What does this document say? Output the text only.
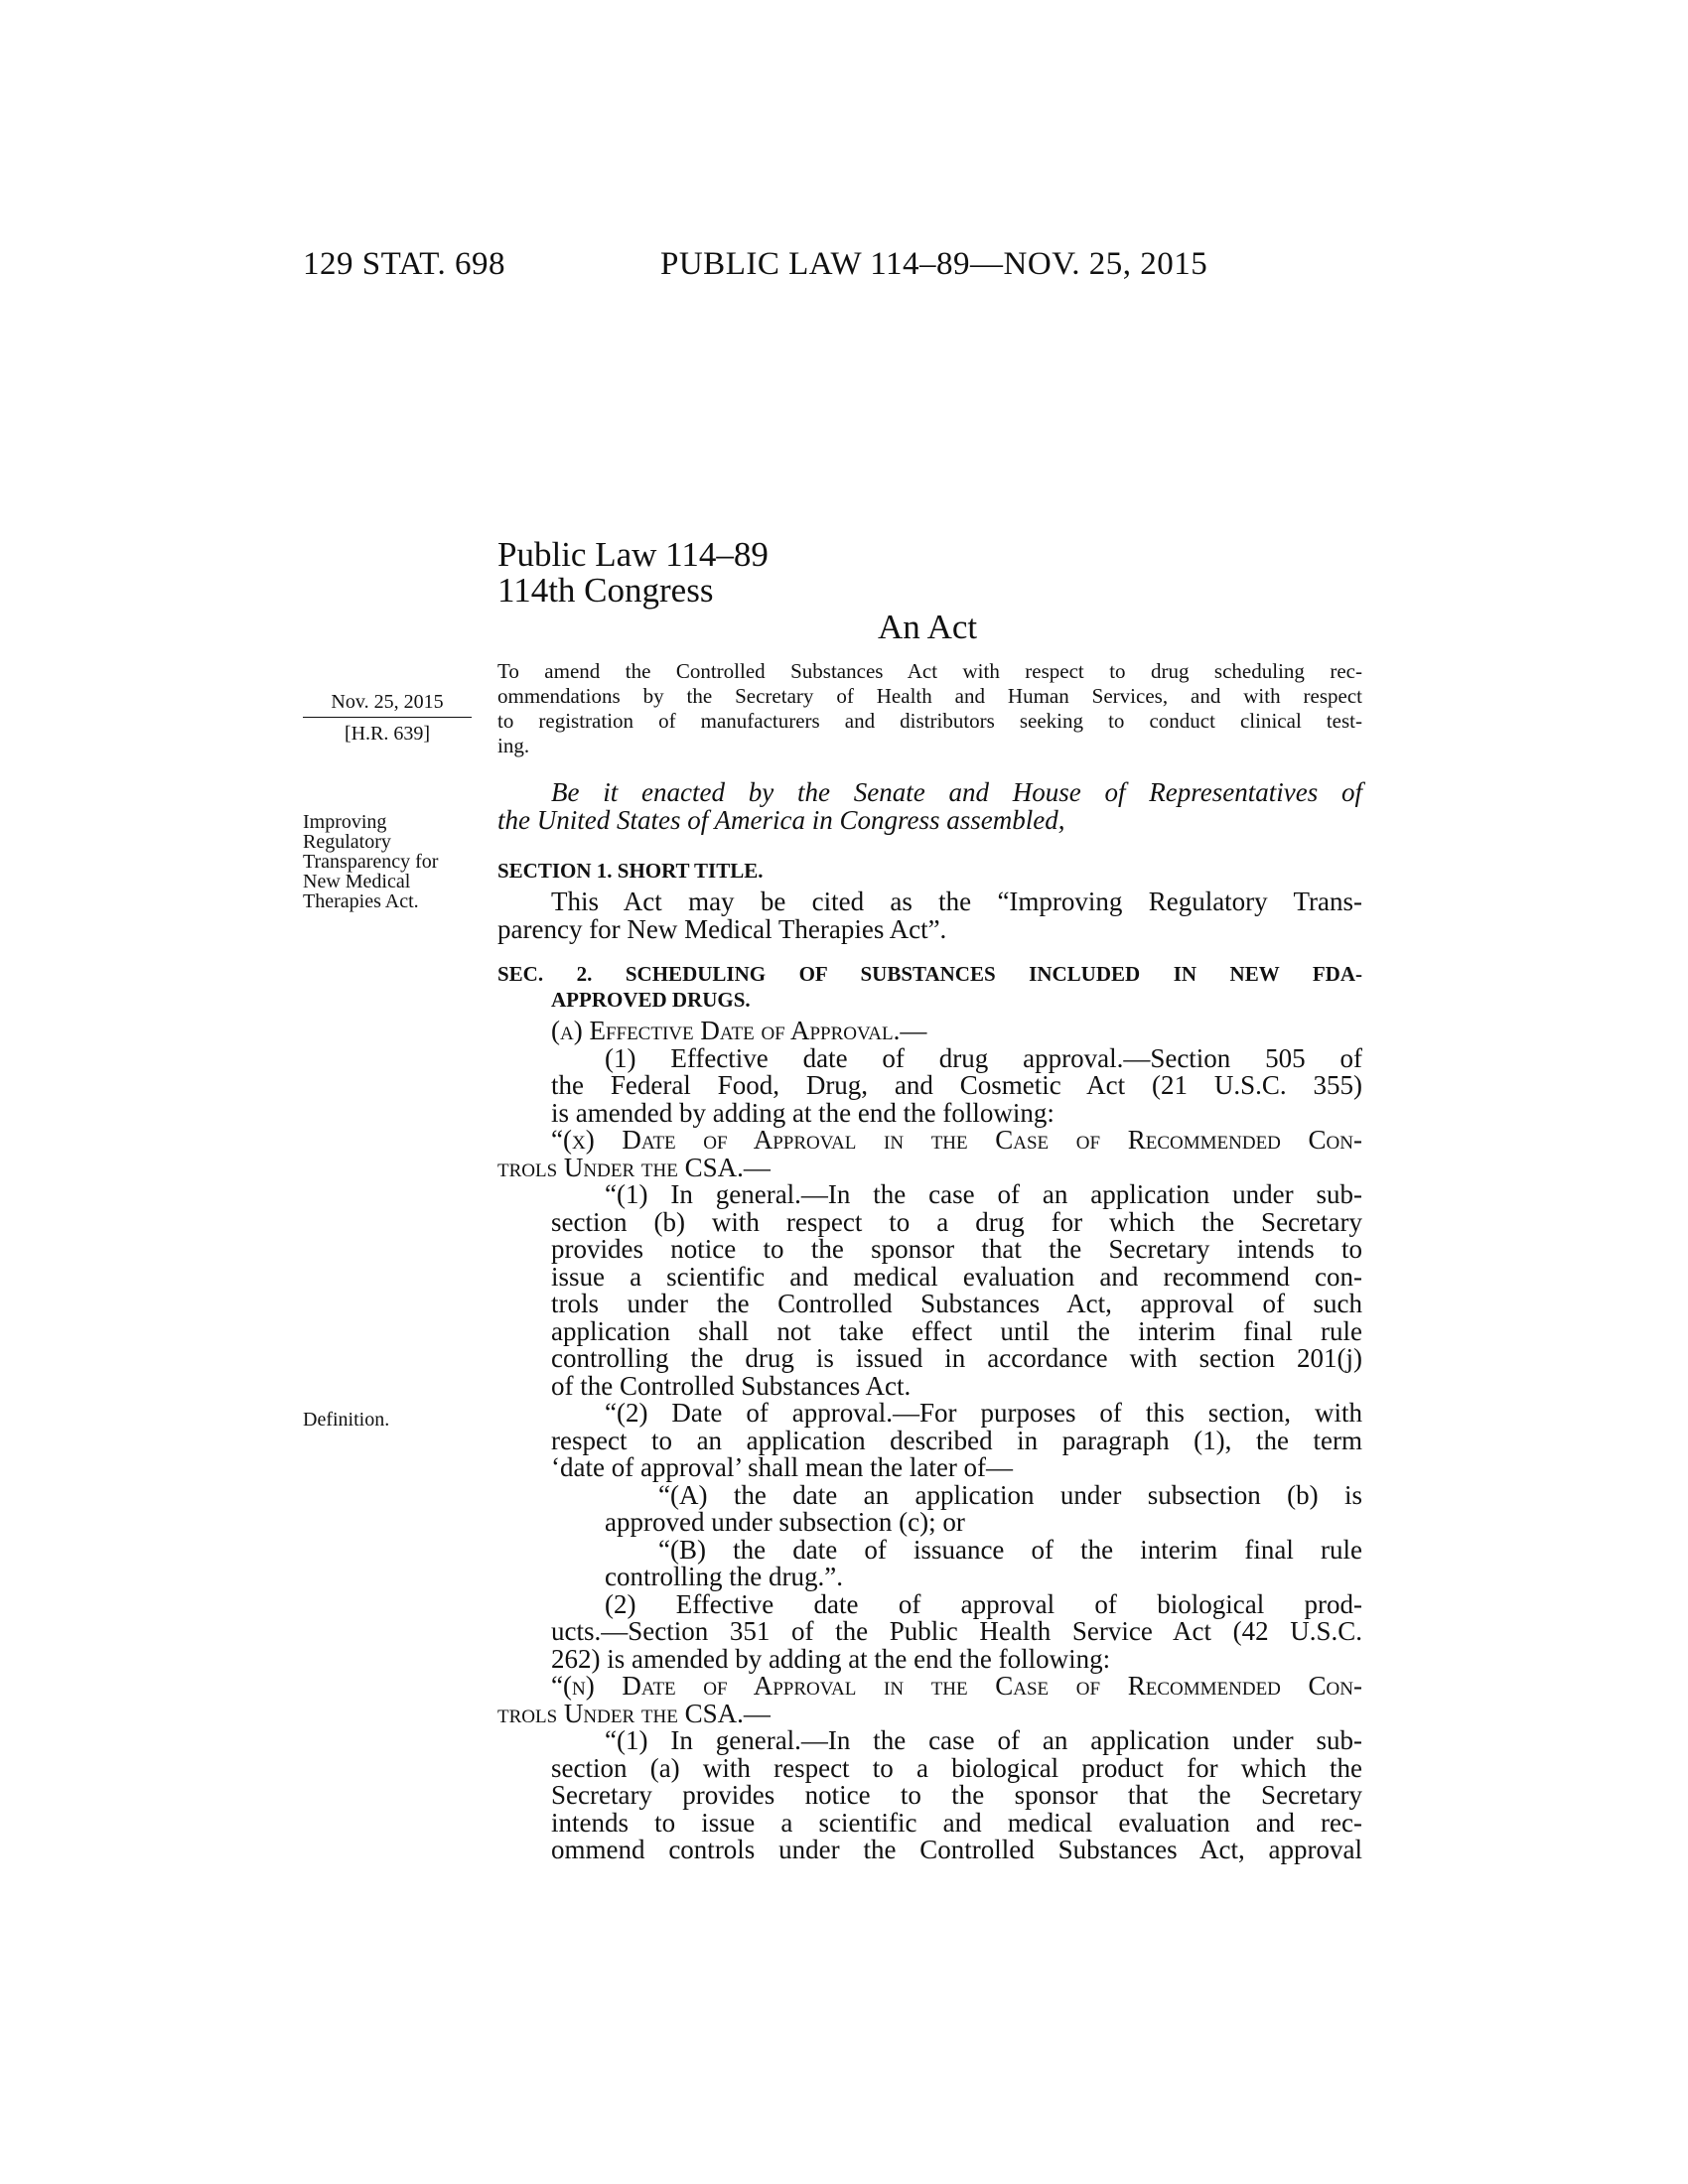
129 STAT. 698	PUBLIC LAW 114–89—NOV. 25, 2015
Public Law 114–89
114th Congress
An Act
Nov. 25, 2015
[H.R. 639]
To amend the Controlled Substances Act with respect to drug scheduling rec-
ommendations by the Secretary of Health and Human Services, and with respect
to registration of manufacturers and distributors seeking to conduct clinical test-
ing.
Improving
Regulatory
Transparency for
New Medical
Therapies Act.
Definition.
Be it enacted by the Senate and House of Representatives of
the United States of America in Congress assembled,
SECTION 1. SHORT TITLE.
This Act may be cited as the “Improving Regulatory Trans-
parency for New Medical Therapies Act”.
SEC. 2. SCHEDULING OF SUBSTANCES INCLUDED IN NEW FDA-
APPROVED DRUGS.
(a) Effective Date of Approval.—
(1) Effective date of drug approval.—Section 505 of
the Federal Food, Drug, and Cosmetic Act (21 U.S.C. 355)
is amended by adding at the end the following:
“(x) Date of Approval in the Case of Recommended Con-
trols Under the CSA.—
“(1) In general.—In the case of an application under sub-
section (b) with respect to a drug for which the Secretary
provides notice to the sponsor that the Secretary intends to
issue a scientific and medical evaluation and recommend con-
trols under the Controlled Substances Act, approval of such
application shall not take effect until the interim final rule
controlling the drug is issued in accordance with section 201(j)
of the Controlled Substances Act.
“(2) Date of approval.—For purposes of this section, with
respect to an application described in paragraph (1), the term
‘date of approval’ shall mean the later of—
“(A) the date an application under subsection (b) is
approved under subsection (c); or
“(B) the date of issuance of the interim final rule
controlling the drug.”.
(2) Effective date of approval of biological prod-
ucts.—Section 351 of the Public Health Service Act (42 U.S.C.
262) is amended by adding at the end the following:
“(n) Date of Approval in the Case of Recommended Con-
trols Under the CSA.—
“(1) In general.—In the case of an application under sub-
section (a) with respect to a biological product for which the
Secretary provides notice to the sponsor that the Secretary
intends to issue a scientific and medical evaluation and rec-
ommend controls under the Controlled Substances Act, approval
